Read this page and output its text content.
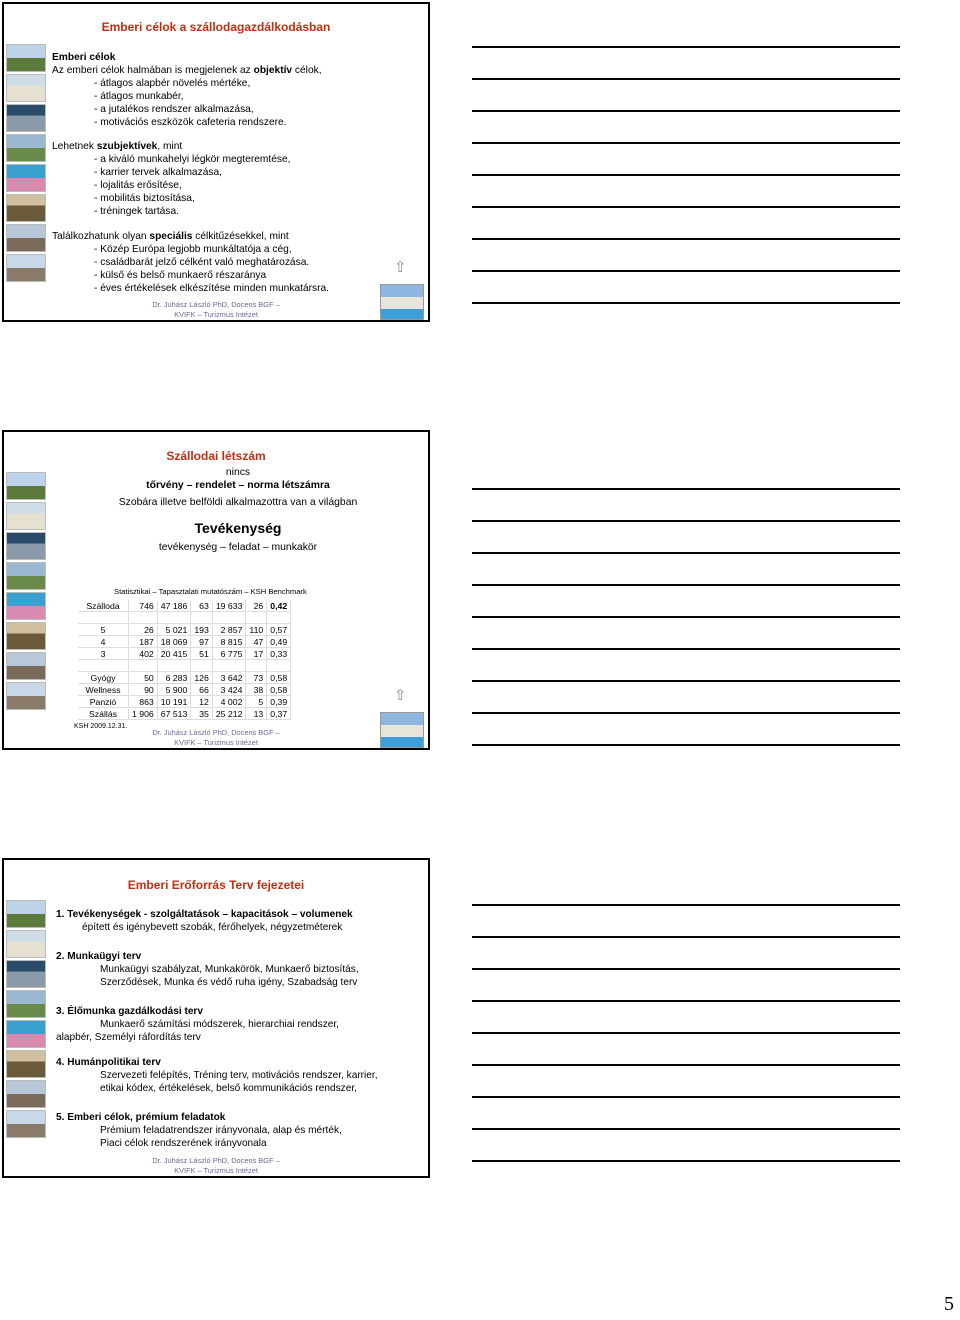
Emberi célok a szállodagazdálkodásban

Emberi célok

Az emberi célok halmában is megjelenek az objektív célok,

- átlagos alapbér növelés mértéke,

- átlagos munkabér,

- a jutalékos rendszer alkalmazása,

- motivációs eszközök cafeteria rendszere.

Lehetnek szubjektívek, mint

- a kiváló munkahelyi légkör megteremtése,

- karrier tervek alkalmazása,

- lojalitás erősítése,

- mobilitás biztosítása,

- tréningek tartása.

Találkozhatunk olyan speciális célkitűzésekkel, mint

- Közép Európa legjobb munkáltatója a cég,

- családbarát jelző célként való meghatározása.

- külső és belső munkaerő részaránya

- éves értékelések elkészítése minden munkatársra.

Dr. Juhász László PhD, Docens BGF –
KVIFK – Turizmus Intézet
⇧
Szállodai létszám

nincs

tőrvény – rendelet – norma létszámra

Szobára illetve belföldi alkalmazottra van a világban

Tevékenység

tevékenység – feladat – munkakör

Statisztikai – Tapasztalati mutatószám – KSH Benchmark
Szálloda	746	47 186	63	19 633	26	0,42

5	26	5 021	193	2 857	110	0,57
4	187	18 069	97	8 815	47	0,49
3	402	20 415	51	6 775	17	0,33

Gyógy	50	6 283	126	3 642	73	0,58
Wellness	90	5 900	66	3 424	38	0,58
Panzió	863	10 191	12	4 002	5	0,39
Szállás	1 906	67 513	35	25 212	13	0,37
KSH 2009.12.31.
Dr. Juhász László PhD, Docens BGF –
KVIFK – Turizmus Intézet
⇧
Emberi Erőforrás Terv fejezetei

1. Tevékenységek - szolgáltatások – kapacitások – volumenek

épített és igénybevett szobák, férőhelyek, négyzetméterek

2. Munkaügyi terv

Munkaügyi szabályzat, Munkakörök, Munkaerő biztosítás,

Szerződések, Munka és védő ruha igény, Szabadság terv

3. Élőmunka gazdálkodási terv

Munkaerő számítási módszerek, hierarchiai rendszer,

alapbér, Személyi ráfordítás terv

4. Humánpolitikai terv

Szervezeti felépítés, Tréning terv, motivációs rendszer, karrier,

etikai kódex, értékelések, belső kommunikációs rendszer,

5. Emberi célok, prémium feladatok

Prémium feladatrendszer irányvonala, alap és mérték,

Piaci célok rendszerének irányvonala

Dr. Juhász László PhD, Docens BGF –
KVIFK – Turizmus Intézet
5
